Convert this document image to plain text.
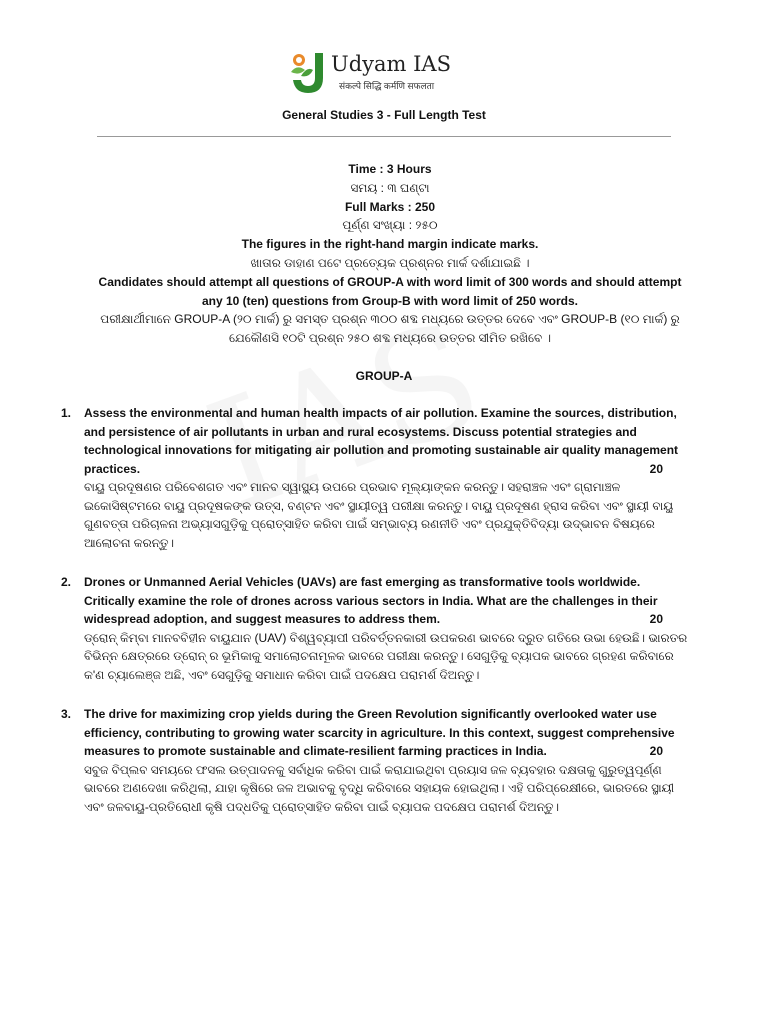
Udyam IAS
संकल्पे सिद्धि कर्मणि सफलता
General Studies 3 - Full Length Test
Time : 3 Hours
ସମୟ : ୩ ଘଣ୍ଟା
Full Marks : 250
ପୂର୍ଣ୍ଣ ସଂଖ୍ୟା : ୨୫୦
The figures in the right-hand margin indicate marks.
ଖାତାର ଡାହାଣ ପଟେ ପ୍ରତ୍ୟେକ ପ୍ରଶ୍ନର ମାର୍କ ଦର୍ଶାଯାଇଛି ।
Candidates should attempt all questions of GROUP-A with word limit of 300 words and should attempt any 10 (ten) questions from Group-B with word limit of 250 words.
ପରୀକ୍ଷାର୍ଥୀମାନେ GROUP-A (୨୦ ମାର୍କ) ରୁ ସମସ୍ତ ପ୍ରଶ୍ନ ୩୦୦ ଶବ୍ଦ ମଧ୍ୟରେ ଉତ୍ତର ଦେବେ ଏବଂ GROUP-B (୧୦ ମାର୍କ) ରୁ ଯେକୌଣସି ୧୦ଟି ପ୍ରଶ୍ନ ୨୫୦ ଶବ୍ଦ ମଧ୍ୟରେ ଉତ୍ତର ସୀମିତ ରଖିବେ ।
GROUP-A
1. Assess the environmental and human health impacts of air pollution. Examine the sources, distribution, and persistence of air pollutants in urban and rural ecosystems. Discuss potential strategies and technological innovations for mitigating air pollution and promoting sustainable air quality management practices.	20
ବାୟୁ ପ୍ରଦୂଷଣର ପରିବେଶଗତ ଏବଂ ମାନବ ସ୍ୱାସ୍ଥ୍ୟ ଉପରେ ପ୍ରଭାବ ମୂଲ୍ୟାଙ୍କନ କରନ୍ତୁ। ସହରାଞ୍ଚଳ ଏବଂ ଗ୍ରାମାଞ୍ଚଳ ଇକୋସିଷ୍ଟମରେ ବାୟୁ ପ୍ରଦୂଷକଙ୍କ ଉତ୍ସ, ବଣ୍ଟନ ଏବଂ ସ୍ଥାୟୀତ୍ୱ ପରୀକ୍ଷା କରନ୍ତୁ। ବାୟୁ ପ୍ରଦୂଷଣ ହ୍ରାସ କରିବା ଏବଂ ସ୍ଥାୟୀ ବାୟୁ ଗୁଣବତ୍ତା ପରିଚାଳନା ଅଭ୍ୟାସଗୁଡ଼ିକୁ ପ୍ରୋତ୍ସାହିତ କରିବା ପାଇଁ ସମ୍ଭାବ୍ୟ ରଣନୀତି ଏବଂ ପ୍ରଯୁକ୍ତିବିଦ୍ୟା ଉଦ୍ଭାବନ ବିଷୟରେ ଆଲୋଚନା କରନ୍ତୁ।
2. Drones or Unmanned Aerial Vehicles (UAVs) are fast emerging as transformative tools worldwide. Critically examine the role of drones across various sectors in India. What are the challenges in their widespread adoption, and suggest measures to address them.	20
ଡ୍ରୋନ୍ କିମ୍ବା ମାନବବିହୀନ ବାୟୁଯାନ (UAV) ବିଶ୍ୱବ୍ୟାପୀ ପରିବର୍ତ୍ତନକାରୀ ଉପକରଣ ଭାବରେ ଦ୍ରୁତ ଗତିରେ ଉଭା ହେଉଛି। ଭାରତର ବିଭିନ୍ନ କ୍ଷେତ୍ରରେ ଡ୍ରୋନ୍ ର ଭୂମିକାକୁ ସମାଲୋଚନାମୂଳକ ଭାବରେ ପରୀକ୍ଷା କରନ୍ତୁ। ସେଗୁଡ଼ିକୁ ବ୍ୟାପକ ଭାବରେ ଗ୍ରହଣ କରିବାରେ କ'ଣ ଚ୍ୟାଲେଞ୍ଜ ଅଛି, ଏବଂ ସେଗୁଡ଼ିକୁ ସମାଧାନ କରିବା ପାଇଁ ପଦକ୍ଷେପ ପରାମର୍ଶ ଦିଅନ୍ତୁ।
3. The drive for maximizing crop yields during the Green Revolution significantly overlooked water use efficiency, contributing to growing water scarcity in agriculture. In this context, suggest comprehensive measures to promote sustainable and climate-resilient farming practices in India.	20
ସବୁଜ ବିପ୍ଲବ ସମୟରେ ଫସଲ ଉତ୍ପାଦନକୁ ସର୍ବାଧିକ କରିବା ପାଇଁ କରାଯାଇଥିବା ପ୍ରୟାସ ଜଳ ବ୍ୟବହାର ଦକ୍ଷତାକୁ ଗୁରୁତ୍ୱପୂର୍ଣ୍ଣ ଭାବରେ ଅଣଦେଖା କରିଥିଲା, ଯାହା କୃଷିରେ ଜଳ ଅଭାବକୁ ବୃଦ୍ଧି କରିବାରେ ସହାୟକ ହୋଇଥିଲା। ଏହି ପରିପ୍ରେକ୍ଷୀରେ, ଭାରତରେ ସ୍ଥାୟୀ ଏବଂ ଜଳବାୟୁ-ପ୍ରତିରୋଧୀ କୃଷି ପଦ୍ଧତିକୁ ପ୍ରୋତ୍ସାହିତ କରିବା ପାଇଁ ବ୍ୟାପକ ପଦକ୍ଷେପ ପରାମର୍ଶ ଦିଅନ୍ତୁ।
